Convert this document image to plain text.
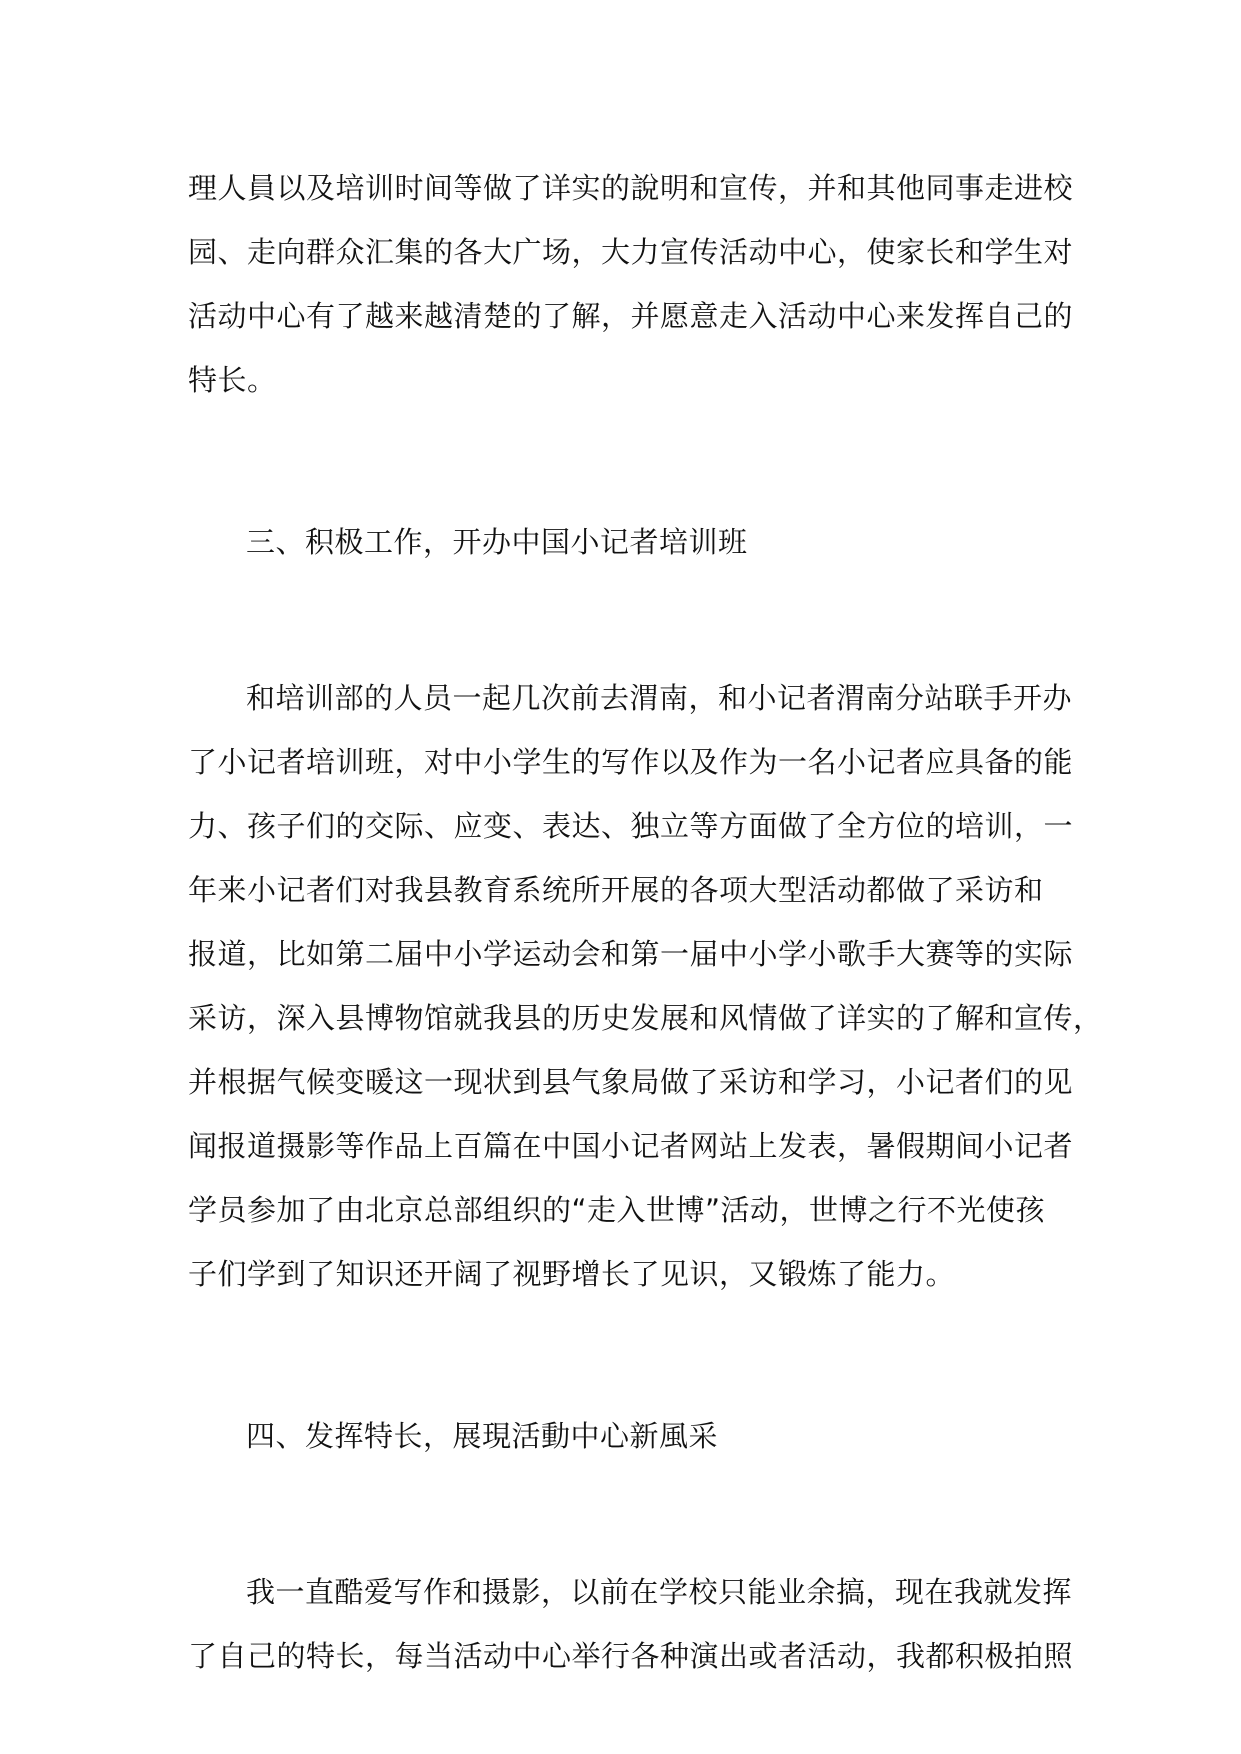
理人員以及培训时间等做了详实的說明和宣传，并和其他同事走进校
园、走向群众汇集的各大广场，大力宣传活动中心，使家长和学生对
活动中心有了越来越清楚的了解，并愿意走入活动中心来发挥自己的
特长。
三、积极工作，开办中国小记者培训班
和培训部的人员一起几次前去渭南，和小记者渭南分站联手开办
了小记者培训班，对中小学生的写作以及作为一名小记者应具备的能
力、孩子们的交际、应变、表达、独立等方面做了全方位的培训，一
年来小记者们对我县教育系统所开展的各项大型活动都做了采访和
报道，比如第二届中小学运动会和第一届中小学小歌手大赛等的实际
采访，深入县博物馆就我县的历史发展和风情做了详实的了解和宣传，
并根据气候变暖这一现状到县气象局做了采访和学习，小记者们的见
闻报道摄影等作品上百篇在中国小记者网站上发表，暑假期间小记者
学员参加了由北京总部组织的“走入世博”活动，世博之行不光使孩
子们学到了知识还开阔了视野增长了见识，又锻炼了能力。
四、发挥特长，展現活動中心新風采
我一直酷爱写作和摄影，以前在学校只能业余搞，现在我就发挥
了自己的特长，每当活动中心举行各种演出或者活动，我都积极拍照
